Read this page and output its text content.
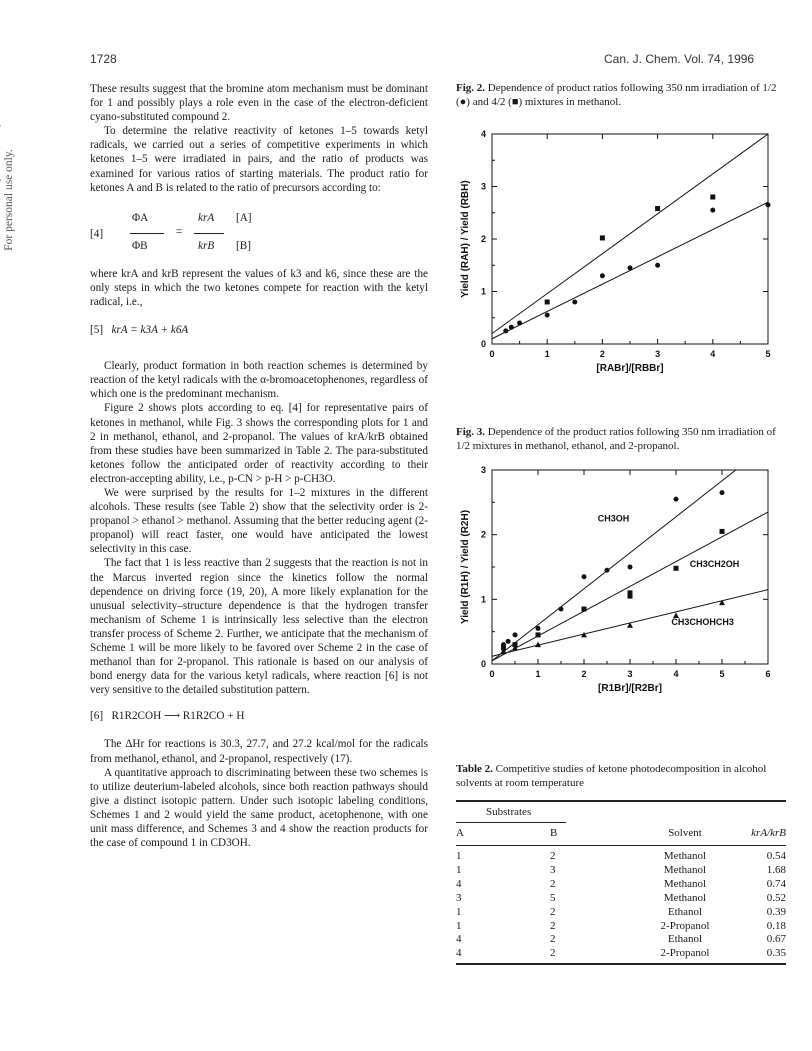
1728	Can. J. Chem. Vol. 74, 1996
For personal use only.

These results suggest that the bromine atom mechanism must be dominant for 1 and possibly plays a role even in the case of the electron-deficient cyano-substituted compound 2.

To determine the relative reactivity of ketones 1–5 towards ketyl radicals, we carried out a series of competitive experiments in which ketones 1–5 were irradiated in pairs, and the ratio of products was examined for various ratios of starting materials. The product ratio for ketones A and B is related to the ratio of precursors according to:

[4]
ΦA
ΦB
=
krA
krB
[A]
[B]

where krA and krB represent the values of k3 and k6, since these are the only steps in which the two ketones compete for reaction with the ketyl radical, i.e.,

[5] krA = k3A + k6A

Clearly, product formation in both reaction schemes is determined by reaction of the ketyl radicals with the α-bromoacetophenones, regardless of which one is the predominant mechanism.

Figure 2 shows plots according to eq. [4] for representative pairs of ketones in methanol, while Fig. 3 shows the corresponding plots for 1 and 2 in methanol, ethanol, and 2-propanol. The values of krA/krB obtained from these studies have been summarized in Table 2. The para-substituted ketones follow the anticipated order of reactivity according to their electron-accepting ability, i.e., p-CN > p-H > p-CH3O.

We were surprised by the results for 1–2 mixtures in the different alcohols. These results (see Table 2) show that the selectivity order is 2-propanol > ethanol > methanol. Assuming that the better reducing agent (2-propanol) will react faster, one would have anticipated the lowest selectivity in this case.

The fact that 1 is less reactive than 2 suggests that the reaction is not in the Marcus inverted region since the kinetics follow the normal dependence on driving force (19, 20), A more likely explanation for the unusual selectivity–structure dependence is that the hydrogen transfer mechanism of Scheme 1 is intrinsically less selective than the electron transfer process of Scheme 2. Further, we anticipate that the mechanism of Scheme 1 will be more likely to be favored over Scheme 2 in the case of methanol than for 2-propanol. This rationale is based on our analysis of bond energy data for the various ketyl radicals, where reaction [6] is not very sensitive to the detailed substitution pattern.

[6] R1R2COH ⟶ R1R2CO + H

The ΔHr for reactions is 30.3, 27.7, and 27.2 kcal/mol for the radicals from methanol, ethanol, and 2-propanol, respectively (17).

A quantitative approach to discriminating between these two schemes is to utilize deuterium-labeled alcohols, since both reaction pathways should give a distinct isotopic pattern. Under such isotopic labeling conditions, Schemes 1 and 2 would yield the same product, acetophenone, with one unit mass difference, and Schemes 3 and 4 show the reaction products for the case of compound 1 in CD3OH.

Fig. 2. Dependence of product ratios following 350 nm irradiation of 1/2 (●) and 4/2 (■) mixtures in methanol.
0	1	2	3	4	5
0
1
2
3
4
[RABr]/[RBBr]
Yield (RAH) / Yield (RBH)
Fig. 3. Dependence of the product ratios following 350 nm irradiation of 1/2 mixtures in methanol, ethanol, and 2-propanol.
0	1	2	3	4	5	6
0
1
2
3
[R1Br]/[R2Br]
Yield (R1H) / Yield (R2H)	CH3OH
CH3CH2OH
CH3CHOHCH3
Table 2. Competitive studies of ketone photodecomposition in alcohol solvents at room temperature
Substrates
A	B	Solvent	krA/krB
1	2	Methanol	0.54
1	3	Methanol	1.68
4	2	Methanol	0.74
3	5	Methanol	0.52
1	2	Ethanol	0.39
1	2	2-Propanol	0.18
4	2	Ethanol	0.67
4	2	2-Propanol	0.35
